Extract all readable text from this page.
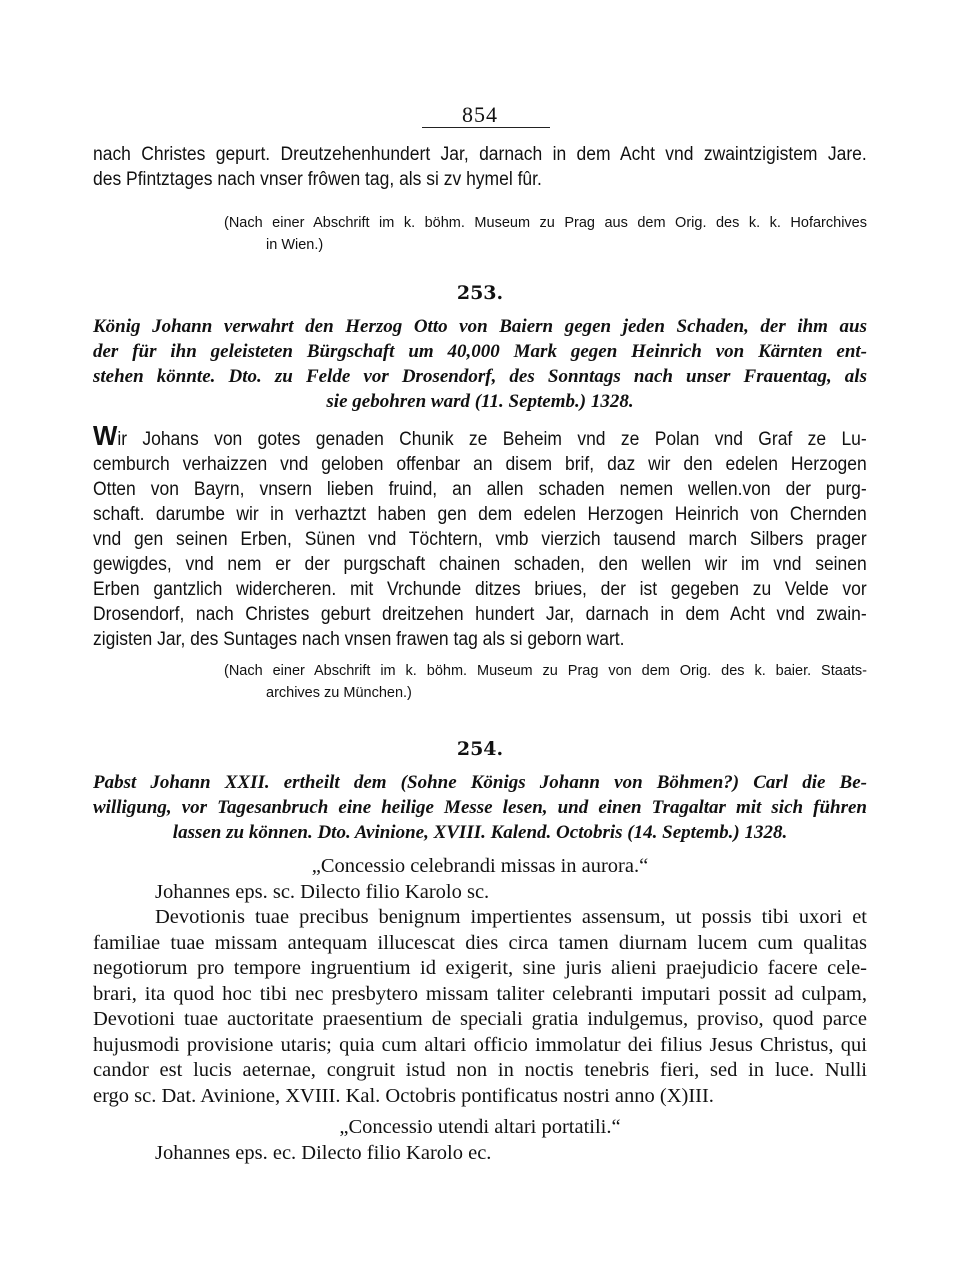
854
nach Christes gepurt. Dreutzehenhundert Jar, darnach in dem Acht vnd zwaintzigistem Jare.
des Pfintztages nach vnser frôwen tag, als si zv hymel fûr.
(Nach einer Abschrift im k. böhm. Museum zu Prag aus dem Orig. des k. k. Hofarchives
in Wien.)
253.
König Johann verwahrt den Herzog Otto von Baiern gegen jeden Schaden, der ihm aus
der für ihn geleisteten Bürgschaft um 40,000 Mark gegen Heinrich von Kärnten ent-
stehen könnte. Dto. zu Felde vor Drosendorf, des Sonntags nach unser Frauentag, als
sie gebohren ward (11. Septemb.) 1328.
Wir Johans von gotes genaden Chunik ze Beheim vnd ze Polan vnd Graf ze Lu-
cemburch verhaizzen vnd geloben offenbar an disem brif, daz wir den edelen Herzogen
Otten von Bayrn, vnsern lieben fruind, an allen schaden nemen wellen.von der purg-
schaft. darumbe wir in verhaztzt haben gen dem edelen Herzogen Heinrich von Chernden
vnd gen seinen Erben, Sünen vnd Töchtern, vmb vierzich tausend march Silbers prager
gewigdes, vnd nem er der purgschaft chainen schaden, den wellen wir im vnd seinen
Erben gantzlich widercheren. mit Vrchunde ditzes briues, der ist gegeben zu Velde vor
Drosendorf, nach Christes geburt dreitzehen hundert Jar, darnach in dem Acht vnd zwain-
zigisten Jar, des Suntages nach vnsen frawen tag als si geborn wart.
(Nach einer Abschrift im k. böhm. Museum zu Prag von dem Orig. des k. baier. Staats-
archives zu München.)
254.
Pabst Johann XXII. ertheilt dem (Sohne Königs Johann von Böhmen?) Carl die Be-
willigung, vor Tagesanbruch eine heilige Messe lesen, und einen Tragaltar mit sich führen
lassen zu können. Dto. Avinione, XVIII. Kalend. Octobris (14. Septemb.) 1328.
„Concessio celebrandi missas in aurora.“
Johannes eps. sc. Dilecto filio Karolo sc.
Devotionis tuae precibus benignum impertientes assensum, ut possis tibi uxori et
familiae tuae missam antequam illucescat dies circa tamen diurnam lucem cum qualitas
negotiorum pro tempore ingruentium id exigerit, sine juris alieni praejudicio facere cele-
brari, ita quod hoc tibi nec presbytero missam taliter celebranti imputari possit ad culpam,
Devotioni tuae auctoritate praesentium de speciali gratia indulgemus, proviso, quod parce
hujusmodi provisione utaris; quia cum altari officio immolatur dei filius Jesus Christus, qui
candor est lucis aeternae, congruit istud non in noctis tenebris fieri, sed in luce. Nulli
ergo sc. Dat. Avinione, XVIII. Kal. Octobris pontificatus nostri anno (X)III.
„Concessio utendi altari portatili.“
Johannes eps. ec. Dilecto filio Karolo ec.
